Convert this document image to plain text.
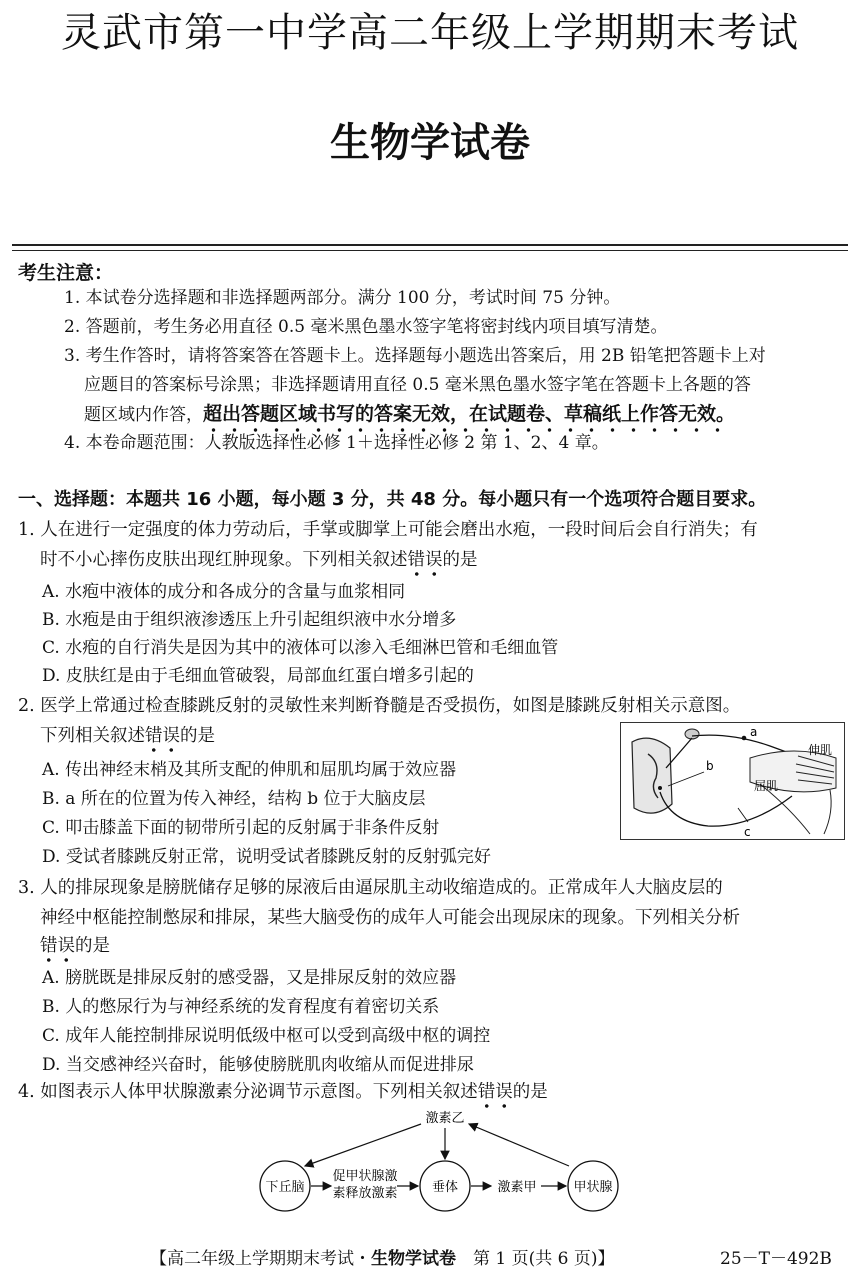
灵武市第一中学高二年级上学期期末考试
生物学试卷
考生注意：
1. 本试卷分选择题和非选择题两部分。满分 100 分，考试时间 75 分钟。
2. 答题前，考生务必用直径 0.5 毫米黑色墨水签字笔将密封线内项目填写清楚。
3. 考生作答时，请将答案答在答题卡上。选择题每小题选出答案后，用 2B 铅笔把答题卡上对
应题目的答案标号涂黑；非选择题请用直径 0.5 毫米黑色墨水签字笔在答题卡上各题的答
题区域内作答，超出答题区域书写的答案无效，在试题卷、草稿纸上作答无效。
4. 本卷命题范围：人教版选择性必修 1＋选择性必修 2 第 1、2、4 章。
一、选择题：本题共 16 小题，每小题 3 分，共 48 分。每小题只有一个选项符合题目要求。
1. 人在进行一定强度的体力劳动后，手掌或脚掌上可能会磨出水疱，一段时间后会自行消失；有
时不小心摔伤皮肤出现红肿现象。下列相关叙述错误的是
A. 水疱中液体的成分和各成分的含量与血浆相同
B. 水疱是由于组织液渗透压上升引起组织液中水分增多
C. 水疱的自行消失是因为其中的液体可以渗入毛细淋巴管和毛细血管
D. 皮肤红是由于毛细血管破裂，局部血红蛋白增多引起的
2. 医学上常通过检查膝跳反射的灵敏性来判断脊髓是否受损伤，如图是膝跳反射相关示意图。
下列相关叙述错误的是
A. 传出神经末梢及其所支配的伸肌和屈肌均属于效应器
B. a 所在的位置为传入神经，结构 b 位于大脑皮层
C. 叩击膝盖下面的韧带所引起的反射属于非条件反射
D. 受试者膝跳反射正常，说明受试者膝跳反射的反射弧完好
a
b
c
伸肌
屈肌
3. 人的排尿现象是膀胱储存足够的尿液后由逼尿肌主动收缩造成的。正常成年人大脑皮层的
神经中枢能控制憋尿和排尿，某些大脑受伤的成年人可能会出现尿床的现象。下列相关分析
错误的是
A. 膀胱既是排尿反射的感受器，又是排尿反射的效应器
B. 人的憋尿行为与神经系统的发育程度有着密切关系
C. 成年人能控制排尿说明低级中枢可以受到高级中枢的调控
D. 当交感神经兴奋时，能够使膀胱肌肉收缩从而促进排尿
4. 如图表示人体甲状腺激素分泌调节示意图。下列相关叙述错误的是
下丘脑	垂体	甲状腺
促甲状腺激
素释放激素	激素甲
激素乙
【高二年级上学期期末考试・生物学试卷　第 1 页(共 6 页)】	25－T－492B
